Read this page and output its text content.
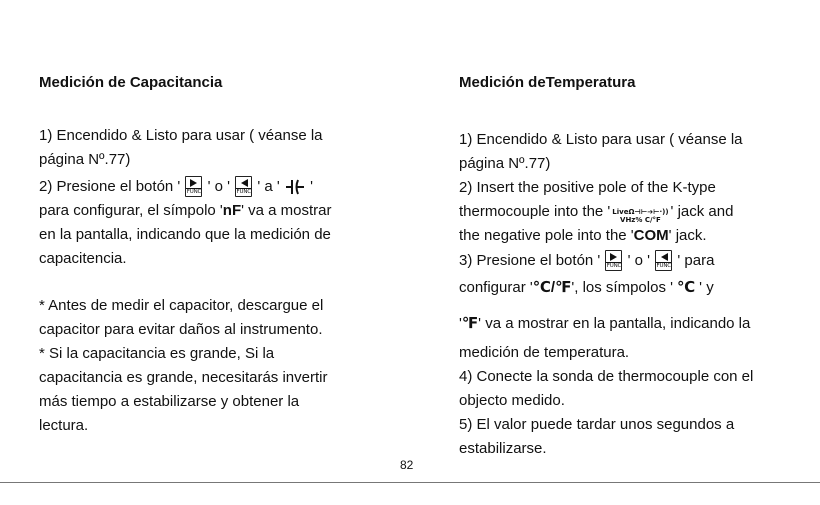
Medición de Capacitancia
1) Encendido & Listo para usar ( véanse la
página Nº.77)
2) Presione el botón ' FUNC ' o ' FUNC ' a ' '
para configurar, el símpolo 'nF' va a mostrar
en la pantalla, indicando que la medición de
capacitencia.
* Antes de medir el capacitor, descargue el
capacitor para evitar daños al instrumento.
* Si la capacitancia es grande, Si la
capacitancia es grande, necesitarás invertir
más tiempo a estabilizarse y obtener la
lectura.
Medición deTemperatura
1) Encendido & Listo para usar ( véanse la
página Nº.77)
2) Insert the positive pole of the K-type
thermocouple into the ' LiveΩ⊣⊢➔⊢·))
VHz% C/°F ' jack and
the negative pole into the 'COM' jack.
3) Presione el botón ' FUNC ' o ' FUNC ' para
configurar '℃/℉', los símpolos ' ℃ ' y
'℉' va a mostrar en la pantalla, indicando la
medición de temperatura.
4) Conecte la sonda de thermocouple con el
objecto medido.
5) El valor puede tardar unos segundos a
estabilizarse.
82
